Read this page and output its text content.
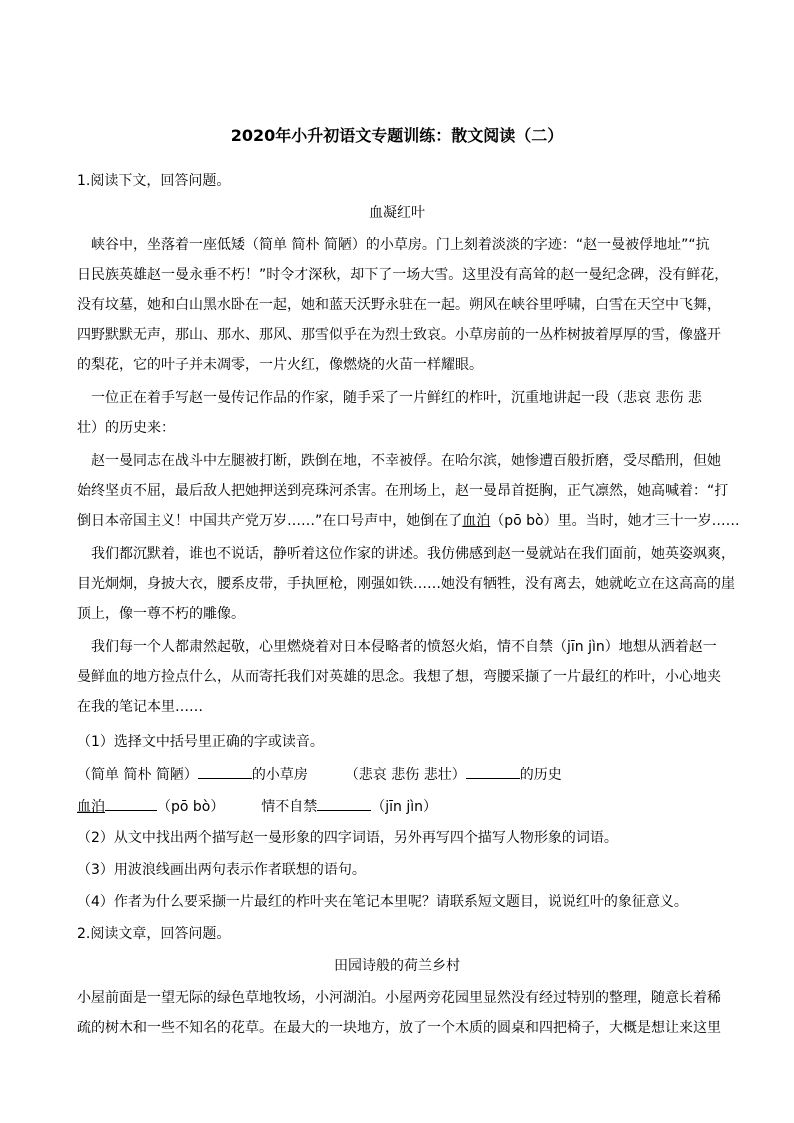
2020年小升初语文专题训练：散文阅读（二）
1.阅读下文，回答问题。
血凝红叶
峡谷中，坐落着一座低矮（简单 简朴 简陋）的小草房。门上刻着淡淡的字迹：“赵一曼被俘地址”“抗
日民族英雄赵一曼永垂不朽！”时令才深秋，却下了一场大雪。这里没有高耸的赵一曼纪念碑，没有鲜花，
没有坟墓，她和白山黑水卧在一起，她和蓝天沃野永驻在一起。朔风在峡谷里呼啸，白雪在天空中飞舞，
四野默默无声，那山、那水、那风、那雪似乎在为烈士致哀。小草房前的一丛柞树披着厚厚的雪，像盛开
的梨花，它的叶子并未凋零，一片火红，像燃烧的火苗一样耀眼。
一位正在着手写赵一曼传记作品的作家，随手采了一片鲜红的柞叶，沉重地讲起一段（悲哀 悲伤 悲
壮）的历史来：
赵一曼同志在战斗中左腿被打断，跌倒在地，不幸被俘。在哈尔滨，她惨遭百般折磨，受尽酷刑，但她
始终坚贞不屈，最后敌人把她押送到亮珠河杀害。在刑场上，赵一曼昂首挺胸，正气凛然，她高喊着：“打
倒日本帝国主义！中国共产党万岁……”在口号声中，她倒在了血泊（pō bò）里。当时，她才三十一岁……
我们都沉默着，谁也不说话，静听着这位作家的讲述。我仿佛感到赵一曼就站在我们面前，她英姿飒爽，
目光炯炯，身披大衣，腰系皮带，手执匣枪，刚强如铁……她没有牺牲，没有离去，她就屹立在这高高的崖
顶上，像一尊不朽的雕像。
我们每一个人都肃然起敬，心里燃烧着对日本侵略者的愤怒火焰，情不自禁（jīn jìn）地想从洒着赵一
曼鲜血的地方捡点什么，从而寄托我们对英雄的思念。我想了想，弯腰采撷了一片最红的柞叶，小心地夹
在我的笔记本里……
（1）选择文中括号里正确的字或读音。
（简单 简朴 简陋）	的小草房	（悲哀 悲伤 悲壮）	的历史
血泊	（pō bò）	情不自禁	（jīn jìn）
（2）从文中找出两个描写赵一曼形象的四字词语，另外再写四个描写人物形象的词语。
（3）用波浪线画出两句表示作者联想的语句。
（4）作者为什么要采撷一片最红的柞叶夹在笔记本里呢？请联系短文题目，说说红叶的象征意义。
2.阅读文章，回答问题。
田园诗般的荷兰乡村
小屋前面是一望无际的绿色草地牧场，小河湖泊。小屋两旁花园里显然没有经过特别的整理，随意长着稀
疏的树木和一些不知名的花草。在最大的一块地方，放了一个木质的圆桌和四把椅子，大概是想让来这里
